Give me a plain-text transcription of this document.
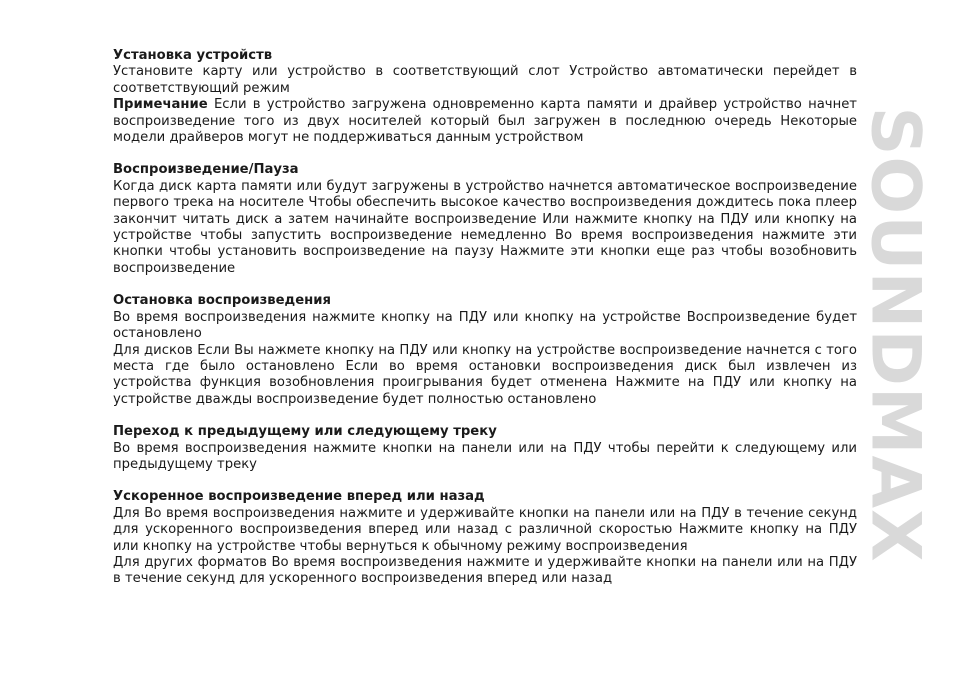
Установка устройств

Установите карту или устройство в соответствующий слот Устройство автоматически перейдет в соответствующий режим

Примечание Если в устройство загружена одновременно карта памяти и драйвер устройство начнет воспроизведение того из двух носителей который был загружен в последнюю очередь Некоторые модели драйверов могут не поддерживаться данным устройством

Воспроизведение/Пауза

Когда диск карта памяти или будут загружены в устройство начнется автоматическое воспроизведение первого трека на носителе Чтобы обеспечить высокое качество воспроизведения дождитесь пока плеер закончит читать диск а затем начинайте воспроизведение Или нажмите кнопку на ПДУ или кнопку на устройстве чтобы запустить воспроизведение немедленно Во время воспроизведения нажмите эти кнопки чтобы установить воспроизведение на паузу Нажмите эти кнопки еще раз чтобы возобновить воспроизведение

Остановка воспроизведения

Во время воспроизведения нажмите кнопку на ПДУ или кнопку на устройстве Воспроизведение будет остановлено

Для дисков Если Вы нажмете кнопку на ПДУ или кнопку на устройстве воспроизведение начнется с того места где было остановлено Если во время остановки воспроизведения диск был извлечен из устройства функция возобновления проигрывания будет отменена Нажмите на ПДУ или кнопку на устройстве дважды воспроизведение будет полностью остановлено

Переход к предыдущему или следующему треку

Во время воспроизведения нажмите кнопки на панели или на ПДУ чтобы перейти к следующему или предыдущему треку

Ускоренное воспроизведение вперед или назад

Для Во время воспроизведения нажмите и удерживайте кнопки на панели или на ПДУ в течение секунд для ускоренного воспроизведения вперед или назад с различной скоростью Нажмите кнопку на ПДУ или кнопку на устройстве чтобы вернуться к обычному режиму воспроизведения

Для других форматов Во время воспроизведения нажмите и удерживайте кнопки на панели или на ПДУ в течение секунд для ускоренного воспроизведения вперед или назад

SOUNDMAX
